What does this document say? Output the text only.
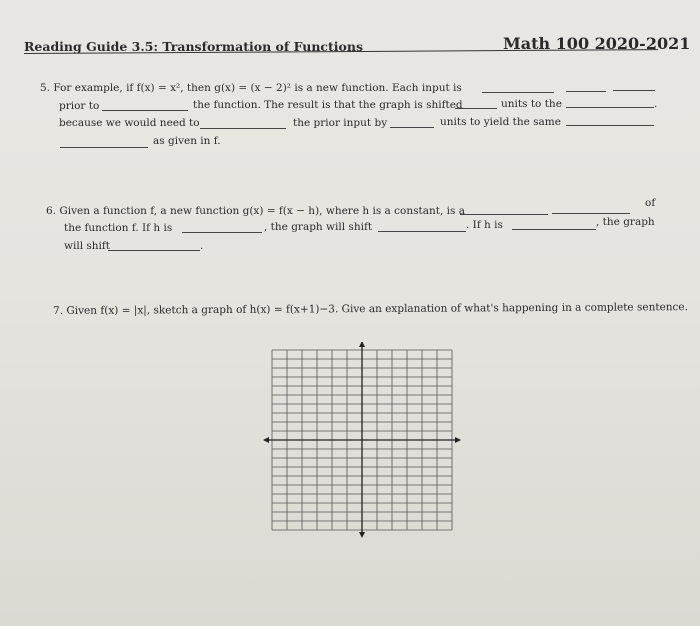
Reading Guide 3.5: Transformation of Functions	Math 100 2020-2021
5. For example, if f(x) = x², then g(x) = (x − 2)² is a new function. Each input is
prior to	the function. The result is that the graph is shifted	units to the	.
because we would need to	the prior input by	units to yield the same
as given in f.
6. Given a function f, a new function g(x) = f(x − h), where h is a constant, is a
of
the function f. If h is	, the graph will shift	. If h is	, the graph
will shift	.
7. Given f(x) = |x|, sketch a graph of h(x) = f(x+1)−3. Give an explanation of what's happening in a complete sentence.
